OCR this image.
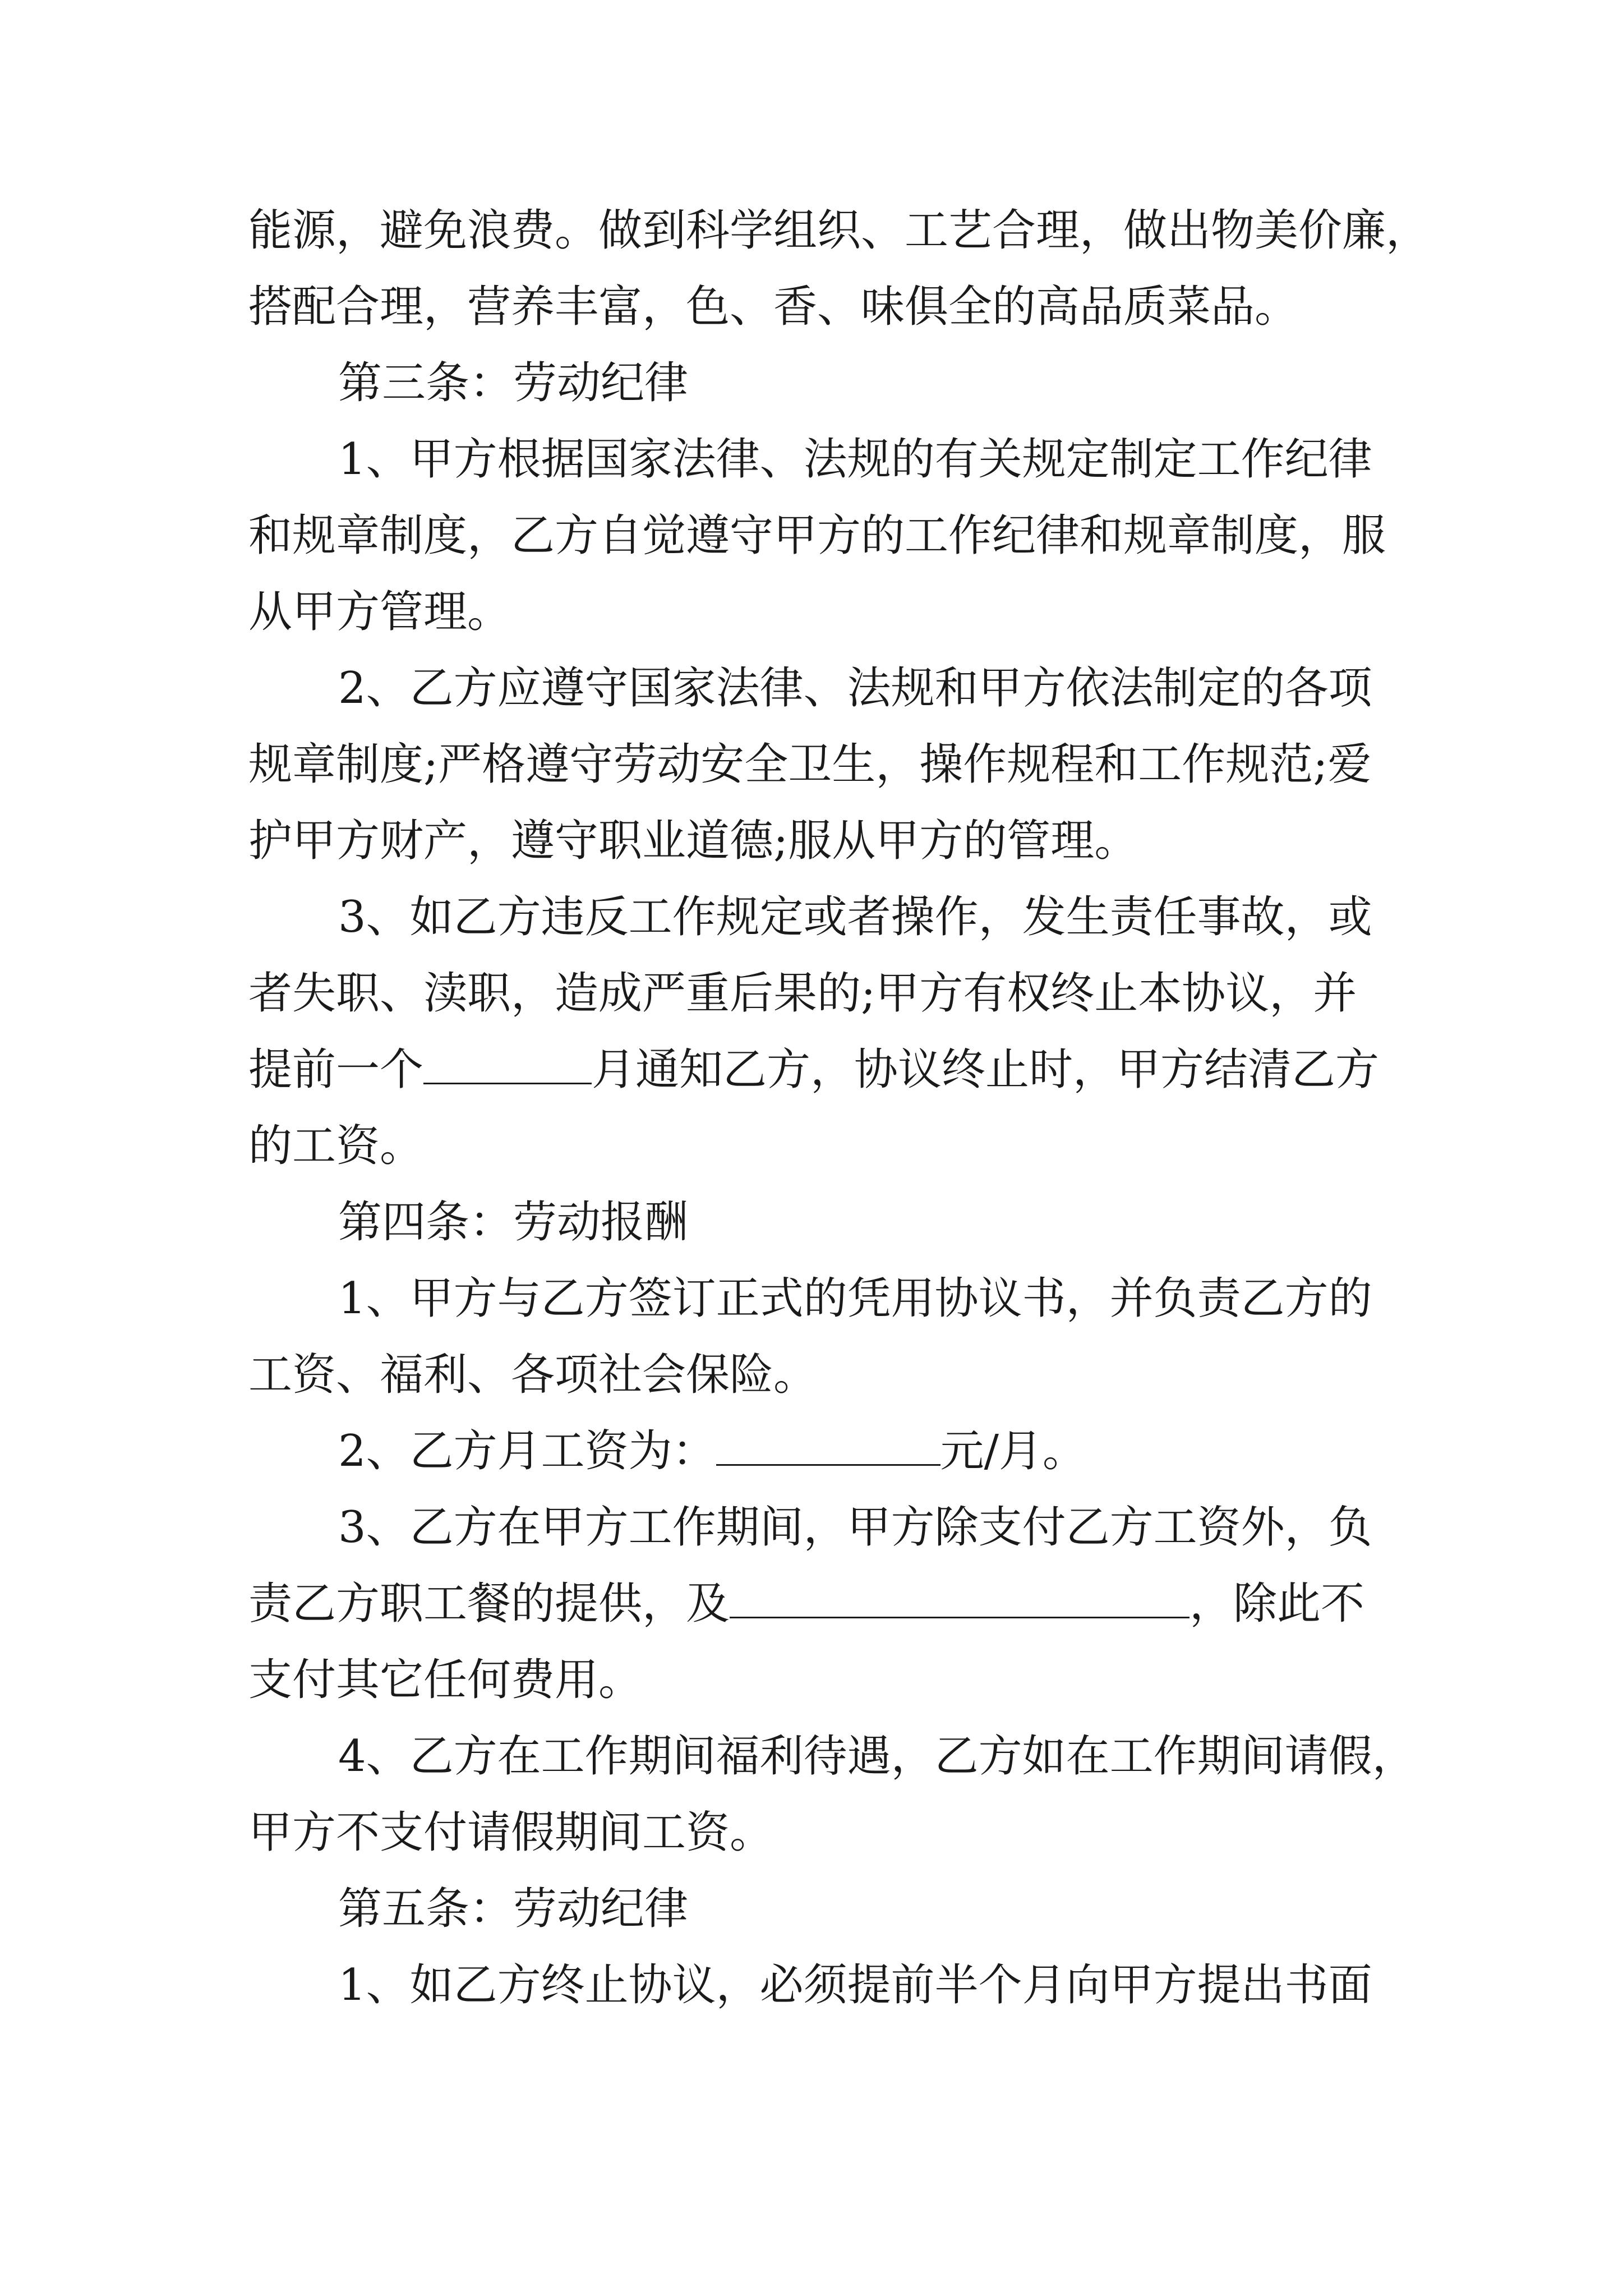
能源，避免浪费。做到科学组织、工艺合理，做出物美价廉，
搭配合理，营养丰富，色、香、味俱全的高品质菜品。
第三条：劳动纪律
1、甲方根据国家法律、法规的有关规定制定工作纪律
和规章制度，乙方自觉遵守甲方的工作纪律和规章制度，服
从甲方管理。
2、乙方应遵守国家法律、法规和甲方依法制定的各项
规章制度;严格遵守劳动安全卫生，操作规程和工作规范;爱
护甲方财产，遵守职业道德;服从甲方的管理。
3、如乙方违反工作规定或者操作，发生责任事故，或
者失职、渎职，造成严重后果的;甲方有权终止本协议，并
提前一个	月通知乙方，协议终止时，甲方结清乙方
的工资。
第四条：劳动报酬
1、甲方与乙方签订正式的凭用协议书，并负责乙方的
工资、福利、各项社会保险。
2、乙方月工资为：	元/月。
3、乙方在甲方工作期间，甲方除支付乙方工资外，负
责乙方职工餐的提供，及	，除此不
支付其它任何费用。
4、乙方在工作期间福利待遇，乙方如在工作期间请假，
甲方不支付请假期间工资。
第五条：劳动纪律
1、如乙方终止协议，必须提前半个月向甲方提出书面
